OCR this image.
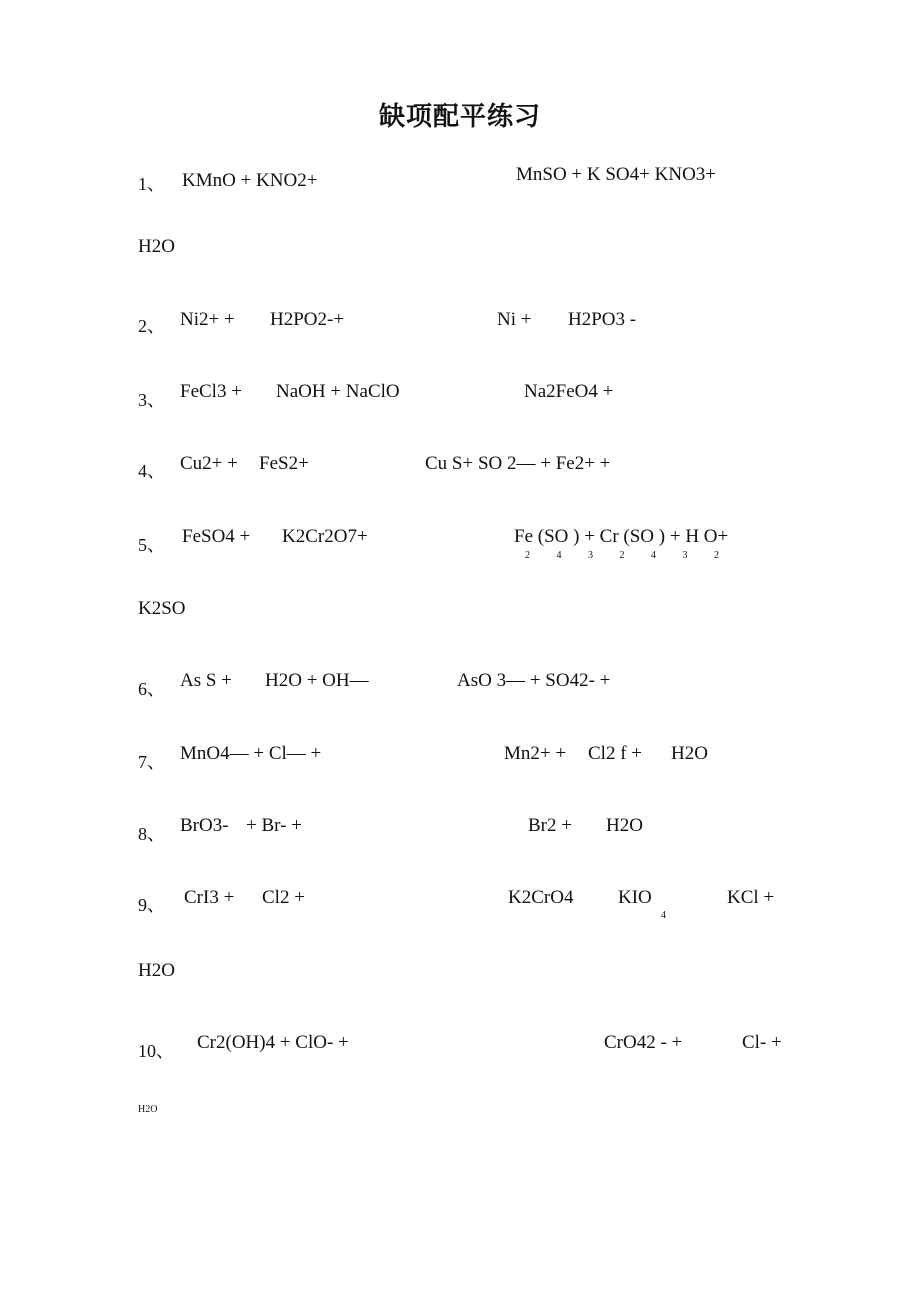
缺项配平练习
1、 KMnO + KNO2+	MnSO + K SO4+ KNO3+
H2O
2、 Ni2+ + H2PO2-+	Ni + H2PO3 -
3、 FeCl3 + NaOH + NaClO	Na2FeO4 +
4、 Cu2+ + FeS2+	Cu S+ SO 2— + Fe2+ +
5、 FeSO4 + K2Cr2O7+	Fe (SO ) + Cr (SO ) + H O+
2 4 3 2 4 3 2
K2SO
6、 As S + H2O + OH—	AsO 3— + SO42- +
7、 MnO4— + Cl— +	Mn2+ + Cl2 f + H2O
8、 BrO3- + Br- +	Br2 + H2O
9、 CrI3 + Cl2 +	K2CrO4 KIO
4
KCl +
H2O
10、 Cr2(OH)4 + ClO- +	CrO42 - +	Cl- +
H2O
